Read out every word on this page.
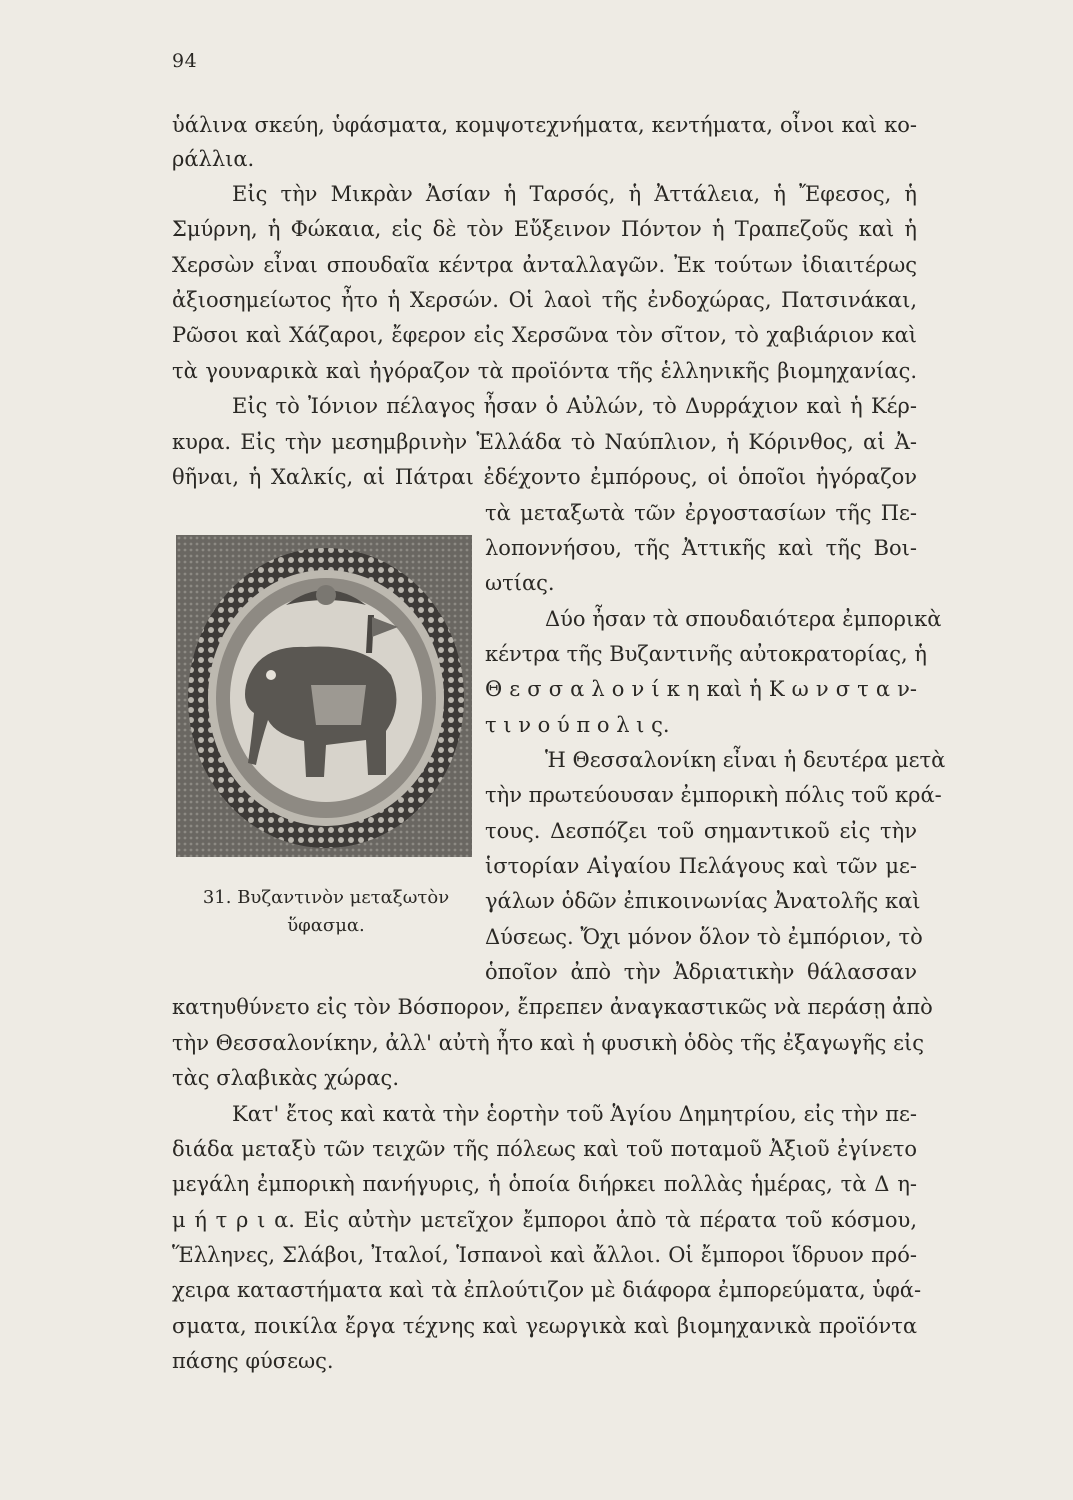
94
ὑάλινα σκεύη, ὑφάσματα, κομψοτεχνήματα, κεντήματα, οἶνοι καὶ κο-
ράλλια.
Εἰς τὴν Μικρὰν Ἀσίαν ἡ Ταρσός, ἡ Ἀττάλεια, ἡ Ἔφεσος, ἡ
Σμύρνη, ἡ Φώκαια, εἰς δὲ τὸν Εὔξεινον Πόντον ἡ Τραπεζοῦς καὶ ἡ
Χερσὼν εἶναι σπουδαῖα κέντρα ἀνταλλαγῶν. Ἐκ τούτων ἰδιαιτέρως
ἀξιοσημείωτος ἦτο ἡ Χερσών. Οἱ λαοὶ τῆς ἐνδοχώρας, Πατσινάκαι,
Ρῶσοι καὶ Χάζαροι, ἔφερον εἰς Χερσῶνα τὸν σῖτον, τὸ χαβιάριον καὶ
τὰ γουναρικὰ καὶ ἠγόραζον τὰ προϊόντα τῆς ἑλληνικῆς βιομηχανίας.
Εἰς τὸ Ἰόνιον πέλαγος ἦσαν ὁ Αὐλών, τὸ Δυρράχιον καὶ ἡ Κέρ-
κυρα. Εἰς τὴν μεσημβρινὴν Ἑλλάδα τὸ Ναύπλιον, ἡ Κόρινθος, αἱ Ἀ-
θῆναι, ἡ Χαλκίς, αἱ Πάτραι ἐδέχοντο ἐμπόρους, οἱ ὁποῖοι ἠγόραζον
τὰ μεταξωτὰ τῶν ἐργοστασίων τῆς Πε-
λοποννήσου, τῆς Ἀττικῆς καὶ τῆς Βοι-
ωτίας.
Δύο ἦσαν τὰ σπουδαιότερα ἐμπορικὰ
κέντρα τῆς Βυζαντινῆς αὐτοκρατορίας, ἡ
Θ ε σ σ α λ ο ν ί κ η καὶ ἡ Κ ω ν σ τ α ν-
τ ι ν ο ύ π ο λ ι ς.
Ἡ Θεσσαλονίκη εἶναι ἡ δευτέρα μετὰ
τὴν πρωτεύουσαν ἐμπορικὴ πόλις τοῦ κρά-
τους. Δεσπόζει τοῦ σημαντικοῦ εἰς τὴν
ἱστορίαν Αἰγαίου Πελάγους καὶ τῶν με-
γάλων ὁδῶν ἐπικοινωνίας Ἀνατολῆς καὶ
Δύσεως. Ὄχι μόνον ὅλον τὸ ἐμπόριον, τὸ
ὁποῖον ἀπὸ τὴν Ἀδριατικὴν θάλασσαν
31. Βυζαντινὸν μεταξωτὸν
ὕφασμα.
κατηυθύνετο εἰς τὸν Βόσπορον, ἔπρεπεν ἀναγκαστικῶς νὰ περάσῃ ἀπὸ
τὴν Θεσσαλονίκην, ἀλλ' αὐτὴ ἦτο καὶ ἡ φυσικὴ ὁδὸς τῆς ἐξαγωγῆς εἰς
τὰς σλαβικὰς χώρας.
Κατ' ἔτος καὶ κατὰ τὴν ἑορτὴν τοῦ Ἁγίου Δημητρίου, εἰς τὴν πε-
διάδα μεταξὺ τῶν τειχῶν τῆς πόλεως καὶ τοῦ ποταμοῦ Ἀξιοῦ ἐγίνετο
μεγάλη ἐμπορικὴ πανήγυρις, ἡ ὁποία διήρκει πολλὰς ἡμέρας, τὰ Δ η-
μ ή τ ρ ι α. Εἰς αὐτὴν μετεῖχον ἔμποροι ἀπὸ τὰ πέρατα τοῦ κόσμου,
Ἕλληνες, Σλάβοι, Ἰταλοί, Ἱσπανοὶ καὶ ἄλλοι. Οἱ ἔμποροι ἵδρυον πρό-
χειρα καταστήματα καὶ τὰ ἐπλούτιζον μὲ διάφορα ἐμπορεύματα, ὑφά-
σματα, ποικίλα ἔργα τέχνης καὶ γεωργικὰ καὶ βιομηχανικὰ προϊόντα
πάσης φύσεως.
